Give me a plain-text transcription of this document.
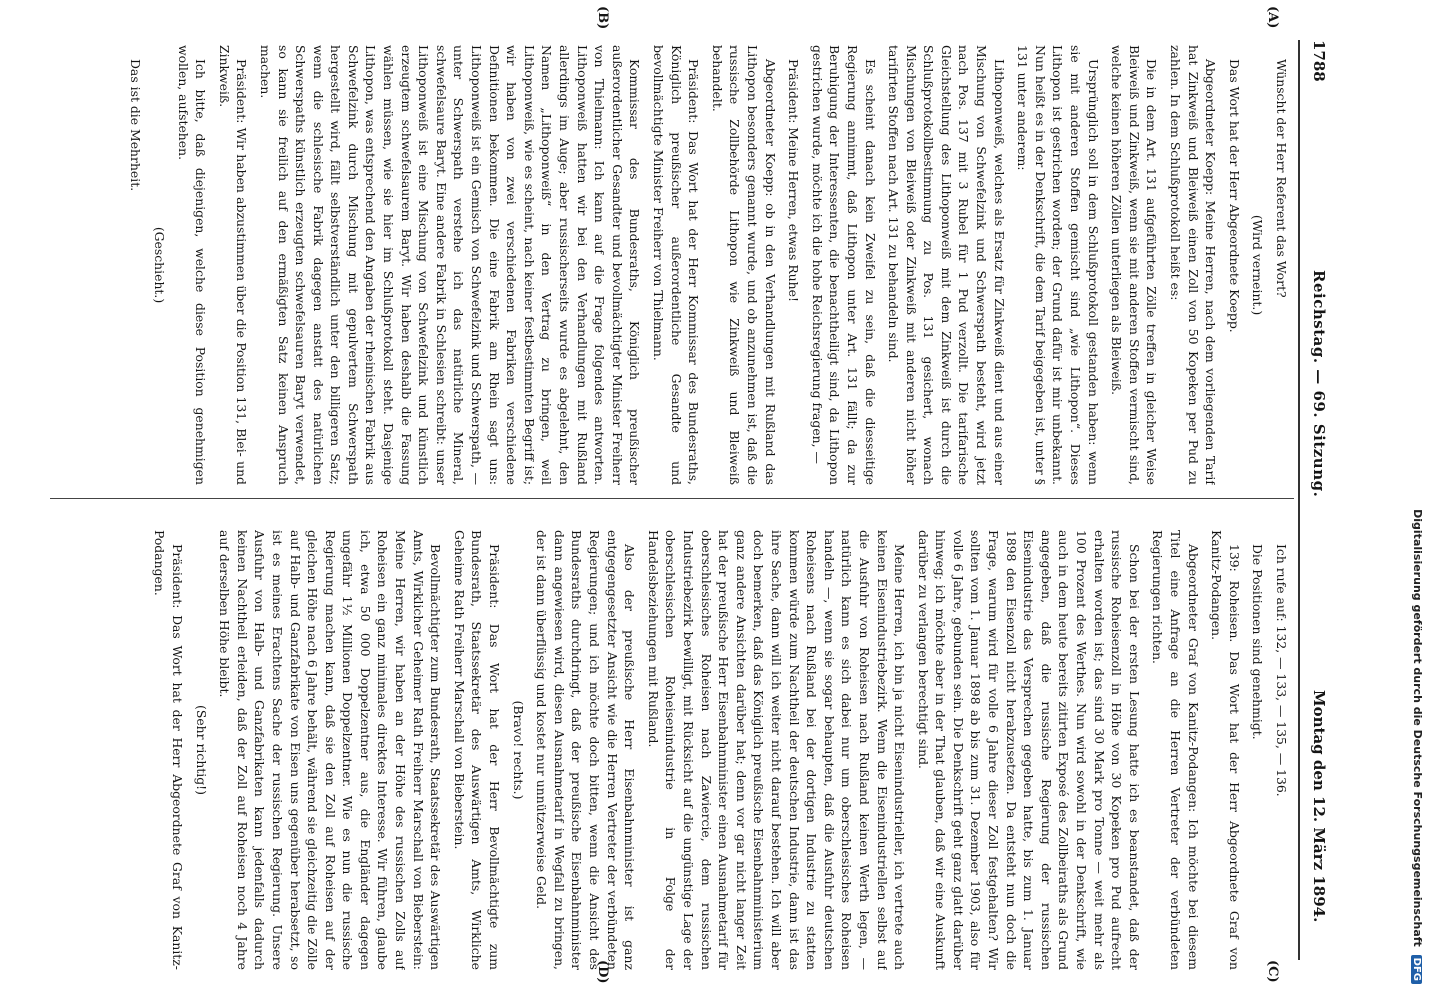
1788
Reichstag. — 69. Sitzung.
Montag den 12. März 1894.
(A)
(B)
(C)
(D)

Wünscht der Herr Referent das Wort?

(Wird verneint.)

Das Wort hat der Herr Abgeordnete Koepp.

Abgeordneter Koepp: Meine Herren, nach dem vorliegenden Tarif hat Zinkweiß und Bleiweiß einen Zoll von 50 Kopeken per Pud zu zahlen. In dem Schlußprotokoll heißt es:

Die in dem Art. 131 aufgeführten Zölle treffen in gleicher Weise Bleiweiß und Zinkweiß, wenn sie mit anderen Stoffen vermischt sind, welche keinen höheren Zöllen unterliegen als Bleiweiß.

Ursprünglich soll in dem Schlußprotokoll gestanden haben: wenn sie mit anderen Stoffen gemischt sind „wie Lithopon“. Dieses Lithopon ist gestrichen worden; der Grund dafür ist mir unbekannt. Nun heißt es in der Denkschrift, die dem Tarif beigegeben ist, unter § 131 unter anderem:

Lithoponweiß, welches als Ersatz für Zinkweiß dient und aus einer Mischung von Schwefelzink und Schwerspath besteht, wird jetzt nach Pos. 137 mit 3 Rubel für 1 Pud verzollt. Die tarifarische Gleichstellung des Lithoponweiß mit dem Zinkweiß ist durch die Schlußprotokollbestimmung zu Pos. 131 gesichert, wonach Mischungen von Bleiweiß oder Zinkweiß mit anderen nicht höher tarifirten Stoffen nach Art. 131 zu behandeln sind.

Es scheint danach kein Zweifel zu sein, daß die diesseitige Regierung annimmt, daß Lithopon unter Art. 131 fällt; da zur Beruhigung der Interessenten, die benachtheiligt sind, da Lithopon gestrichen wurde, möchte ich die hohe Reichsregierung fragen, —

Präsident: Meine Herren, etwas Ruhe!

Abgeordneter Koepp: ob in den Verhandlungen mit Rußland das Lithopon besonders genannt wurde, und ob anzunehmen ist, daß die russische Zollbehörde Lithopon wie Zinkweiß und Bleiweiß behandelt.

Präsident: Das Wort hat der Herr Kommissar des Bundesraths, Königlich preußischer außerordentliche Gesandte und bevollmächtigte Minister Freiherr von Thielmann.

Kommissar des Bundesraths, Königlich preußischer außerordentlicher Gesandter und bevollmächtigter Minister Freiherr von Thielmann: Ich kann auf die Frage folgendes antworten. Lithoponweiß hatten wir bei den Verhandlungen mit Rußland allerdings im Auge; aber russischerseits wurde es abgelehnt, den Namen „Lithoponweiß“ in den Vertrag zu bringen, weil Lithoponweiß, wie es scheint, nach keiner festbestimmten Begriff ist; wir haben von zwei verschiedenen Fabriken verschiedene Definitionen bekommen. Die eine Fabrik am Rhein sagt uns: Lithoponweiß ist ein Gemisch von Schwefelzink und Schwerspath, — unter Schwerspath verstehe ich das natürliche Mineral, schwefelsaure Baryt. Eine andere Fabrik in Schlesien schreibt: unser Lithoponweiß ist eine Mischung von Schwefelzink und künstlich erzeugtem schwefelsaurem Baryt. Wir haben deshalb die Fassung wählen müssen, wie sie hier im Schlußprotokoll steht. Dasjenige Lithopon, was entsprechend den Angaben der rheinischen Fabrik aus Schwefelzink durch Mischung mit gepulvertem Schwerspath hergestellt wird, fällt selbstverständlich unter den billigeren Satz; wenn die schlesische Fabrik dagegen anstatt des natürlichen Schwerspaths künstlich erzeugten schwefelsauren Baryt verwendet, so kann sie freilich auf den ermäßigten Satz keinen Anspruch machen.

Präsident: Wir haben abzustimmen über die Position 131, Blei- und Zinkweiß.

Ich bitte, daß diejenigen, welche diese Position genehmigen wollen, aufstehen.

(Geschieht.)

Das ist die Mehrheit.

Ich rufe auf: 132, — 133, — 135, — 136.

Die Positionen sind genehmigt.

139: Roheisen. Das Wort hat der Herr Abgeordnete Graf von Kanitz-Podangen.

Abgeordneter Graf von Kanitz-Podangen: Ich möchte bei diesem Titel eine Anfrage an die Herren Vertreter der verbündeten Regierungen richten.

Schon bei der ersten Lesung hatte ich es beanstandet, daß der russische Roheisenzoll in Höhe von 30 Kopeken pro Pud aufrecht erhalten worden ist; das sind 30 Mark pro Tonne — weit mehr als 100 Prozent des Werthes. Nun wird sowohl in der Denkschrift, wie auch in dem heute bereits zitirten Exposé des Zollbeiraths als Grund angegeben, daß die russische Regierung der russischen Eisenindustrie das Versprechen gegeben hatte, bis zum 1. Januar 1898 den Eisenzoll nicht herabzusetzen. Da entsteht nun doch die Frage, warum wird für volle 6 Jahre dieser Zoll festgehalten? Wir sollten vom 1. Januar 1898 ab bis zum 31. Dezember 1903, also für volle 6 Jahre, gebunden sein. Die Denkschrift geht ganz glatt darüber hinweg; ich möchte aber in der That glauben, daß wir eine Auskunft darüber zu verlangen berechtigt sind.

Meine Herren, ich bin ja nicht Eisenindustrieller, ich vertrete auch keinen Eisenindustriebezirk. Wenn die Eisenindustriellen selbst auf die Ausfuhr von Roheisen nach Rußland keinen Werth legen, — natürlich kann es sich dabei nur um oberschlesisches Roheisen handeln —, wenn sie sogar behaupten, daß die Ausfuhr deutschen Roheisens nach Rußland bei der dortigen Industrie zu statten kommen würde zum Nachtheil der deutschen Industrie, dann ist das ihre Sache, dann will ich weiter nicht darauf bestehen. Ich will aber doch bemerken, daß das Königlich preußische Eisenbahnministerium ganz andere Ansichten darüber hat; denn vor gar nicht langer Zeit hat der preußische Herr Eisenbahnminister einen Ausnahmetarif für oberschlesisches Roheisen nach Zawiercie, dem russischen Industriebezirk bewilligt, mit Rücksicht auf die ungünstige Lage der oberschlesischen Roheisenindustrie in Folge der Handelsbeziehungen mit Rußland.

Also der preußische Herr Eisenbahnminister ist ganz entgegengesetzter Ansicht wie die Herren Vertreter der verbündeten Regierungen; und ich möchte doch bitten, wenn die Ansicht des Bundesraths durchdringt, daß der preußische Eisenbahnminister dann angewiesen wird, diesen Ausnahmetarif in Wegfall zu bringen, der ist dann überflüssig und kostet nur unnützerweise Geld.

(Bravo! rechts.)

Präsident: Das Wort hat der Herr Bevollmächtigte zum Bundesrath, Staatssekretär des Auswärtigen Amts, Wirkliche Geheime Rath Freiherr Marschall von Bieberstein.

Bevollmächtigter zum Bundesrath, Staatssekretär des Auswärtigen Amts, Wirklicher Geheimer Rath Freiherr Marschall von Bieberstein: Meine Herren, wir haben an der Höhe des russischen Zolls auf Roheisen ein ganz minimales direktes Interesse. Wir führen, glaube ich, etwa 50 000 Doppelzentner aus, die Engländer dagegen ungefähr 1½ Millionen Doppelzentner. Wie es nun die russische Regierung machen kann, daß sie den Zoll auf Roheisen auf der gleichen Höhe nach 6 Jahre behält, während sie gleichzeitig die Zölle auf Halb- und Ganzfabrikate von Eisen uns gegenüber herabsetzt, so ist es meines Erachtens Sache der russischen Regierung. Unsere Ausfuhr von Halb- und Ganzfabrikaten kann jedenfalls dadurch keinen Nachtheil erleiden, daß der Zoll auf Roheisen noch 4 Jahre auf derselben Höhe bleibt.

(Sehr richtig!)

Präsident: Das Wort hat der Herr Abgeordnete Graf von Kanitz-Podangen.	Digitalisierung gefördert durch die Deutsche Forschungsgemeinschaft DFG
